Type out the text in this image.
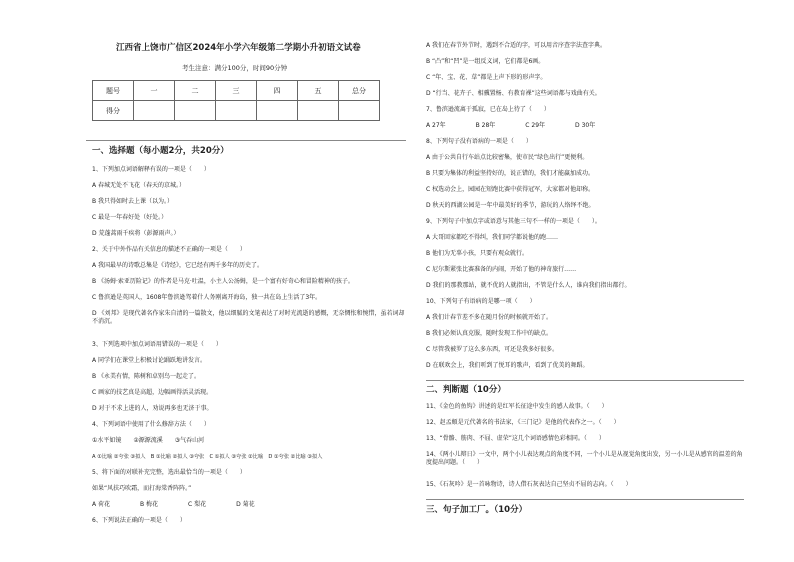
江西省上饶市广信区2024年小学六年级第二学期小升初语文试卷
考生注意：满分100分，时间90分钟
题号	一	二	三	四	五	总分
得分						
一、选择题（每小题2分，共20分）
1、下列加点词语解释有误的一项是（　　）
A 春城无处不飞花（春天的京城。）
B 我只得如时去上课（以为。）
C 最是一年春好处（好处。）
D 荒蓬蒿雨千疾将（彭源雨声。）
2、关于中外作品有关信息的描述不正确的一项是（　　）
A 我国最早的诗歌总集是《诗经》，它已经有两千多年的历史了。
B 《汤姆·索亚历险记》的作者是马克·吐温，小主人公汤姆，是一个富有好奇心和冒险精神的孩子。
C 鲁滨逊是英国人，1608年鲁滨逊驾着什人务刚离开海岛，独一共在岛上生活了3年。
D 《刘邦》是现代著名作家朱自清的一篇散文，他以细腻的文笔表达了对时光流逝的感慨，无奈惆怅和惋惜，虽若词却不消沉。
3、下列选项中加点词语用错误的一项是（　　）
A 同学们在课堂上积极讨论踊跃地讲发言。
B 《永美有情，陈树和卓别鸟一起走了。
C 画家的技艺真是高超，边幅画得活灵活现。
D 对于不求上进的人，劝说再多也无济于事。
4、下列词语中使用了什么修辞方法（　　）
①水平如镜　　②源源流溪　　③气吞山河
A ①比喻 ②夸张 ③拟人　B ①比喻 ②拟人 ③夸张　C ①拟人 ③夸张 ②比喻　D ①夸张 ②比喻 ③拟人
5、将下面的对联补充完整，选出最恰当的一项是（　　）
如果“风扶巧吹霜，而打海棠香阵阵。”
A 荷花　　　　　B 梅花　　　　　C 梨花　　　　　D 菊花
6、下列说法正确的一项是（　　）
A 我们在春节外节时，遇到不合适的字，可以用音序查字法查字典。
B “凸”和“凹”是一组反义词，它们都是6画。
C “年、宝、花、草”都是上声下形的形声字。
D “行当、花卉子、相骥置杨、有教育裸”这些词语都与戏曲有关。
7、鲁滨逊流离于孤寂，已在岛上待了（　　）
A 27年　　　　　B 28年　　　　　C 29年　　　　　D 30年
8、下列句子没有语病的一项是（　　）
A 由于公共自行车站点比较密集，使市民“绿色出行”更便利。
B 只要为集体的利益坚持好的，说正错的，我们才能赢加成功。
C 权选动会上，园园在短跑比赛中获得冠军，大家都对他却称。
D 秋天的西湖公园是一年中最美好的季节，游玩的人络绎不绝。
9、下列句子中加点字或语意与其他三句不一样的一项是（　　）。
A 大哥回家都吃不得纠，我们同学都说他的跑……
B 他们为无辜小孩，只要有观众就行。
C 尼尔斯紧张比赛准备的内闹，开始了他的神奇旅行……
D 我们的那教那站，就不优的人就指出，不管是什么人，谁向我们指出都行。
10、下列句子有语病的是哪一项（　　）
A 我们计春节差不多在随月份的时候就开始了。
B 我们必须认真克服，随时发现工作中的缺点。
C 尽管我被罗了这么多东西，可还是我多好很多。
D 在联欢会上，我们听到了悦耳的歌声，看到了优美的舞蹈。
二、判断题（10分）
11、《金色的鱼钩》讲述的是红军长征途中发生的感人故事。（　　）
12、赵孟頫是元代著名的书法家，《三门记》是他的代表作之一。（　　）
13、“骨骼、筋肉、不屈、虚荣”这几个词语感情色彩相同。（　　）
14、《两小儿辩日》一文中，两个小儿表达观点的角度不同，一个小儿是从视觉角度出发，另一小儿是从感官的温差的角度提出问题。（　　）
15、《石灰吟》是一首咏物诗，诗人借石灰表达自己坚贞不屈的志向。（　　）
三、句子加工厂。（10分）
